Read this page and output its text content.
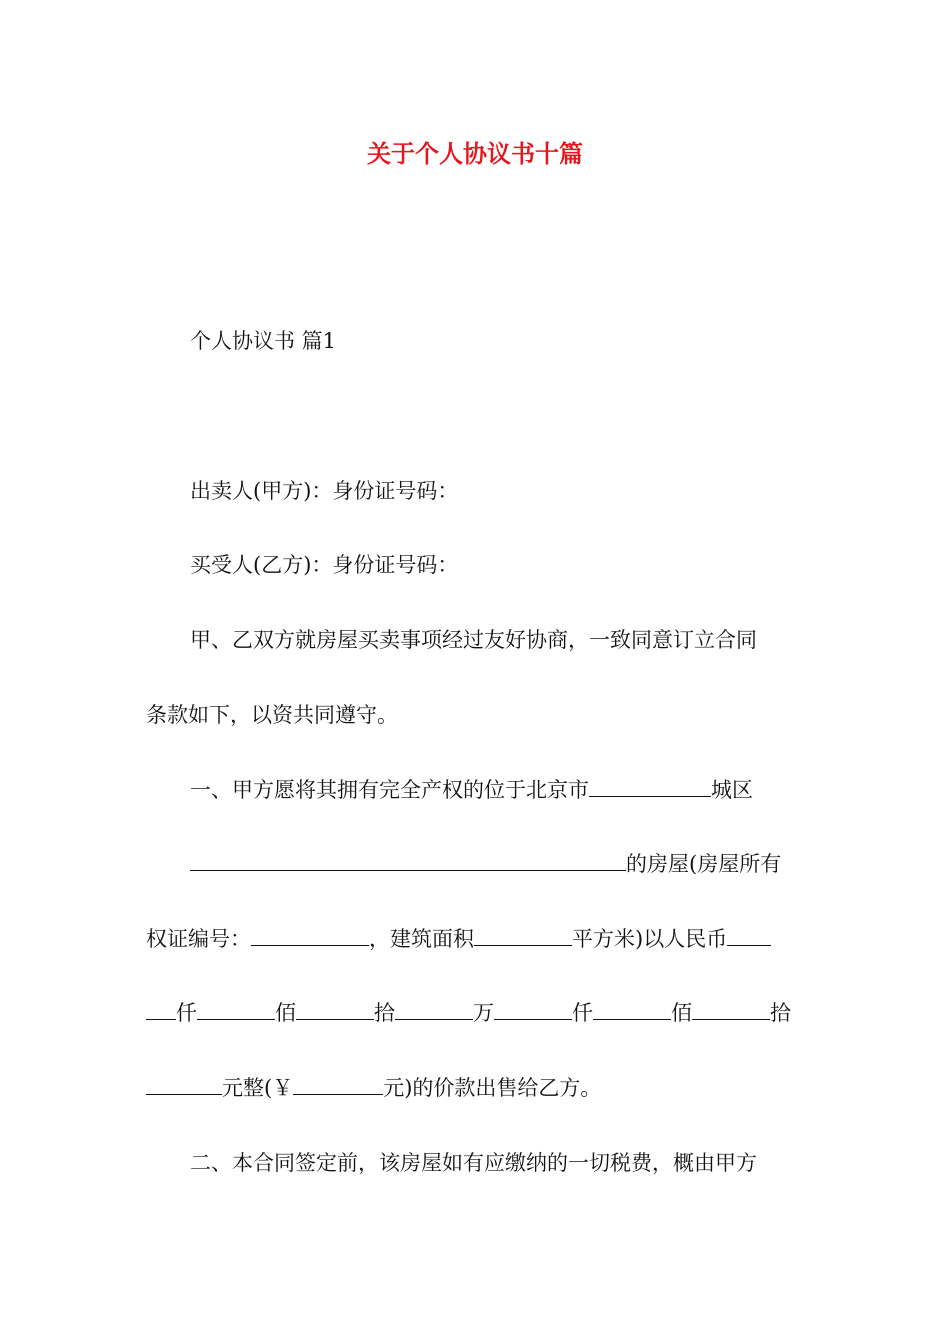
关于个人协议书十篇
个人协议书 篇1
出卖人(甲方)：身份证号码：
买受人(乙方)：身份证号码：
甲、乙双方就房屋买卖事项经过友好协商，一致同意订立合同
条款如下，以资共同遵守。
一、甲方愿将其拥有完全产权的位于北京市	城区
的房屋(房屋所有
权证编号：	，建筑面积	平方米)以人民币
仟	佰	拾	万	仟	佰	拾
元整(￥	元)的价款出售给乙方。
二、本合同签定前，该房屋如有应缴纳的一切税费，概由甲方
